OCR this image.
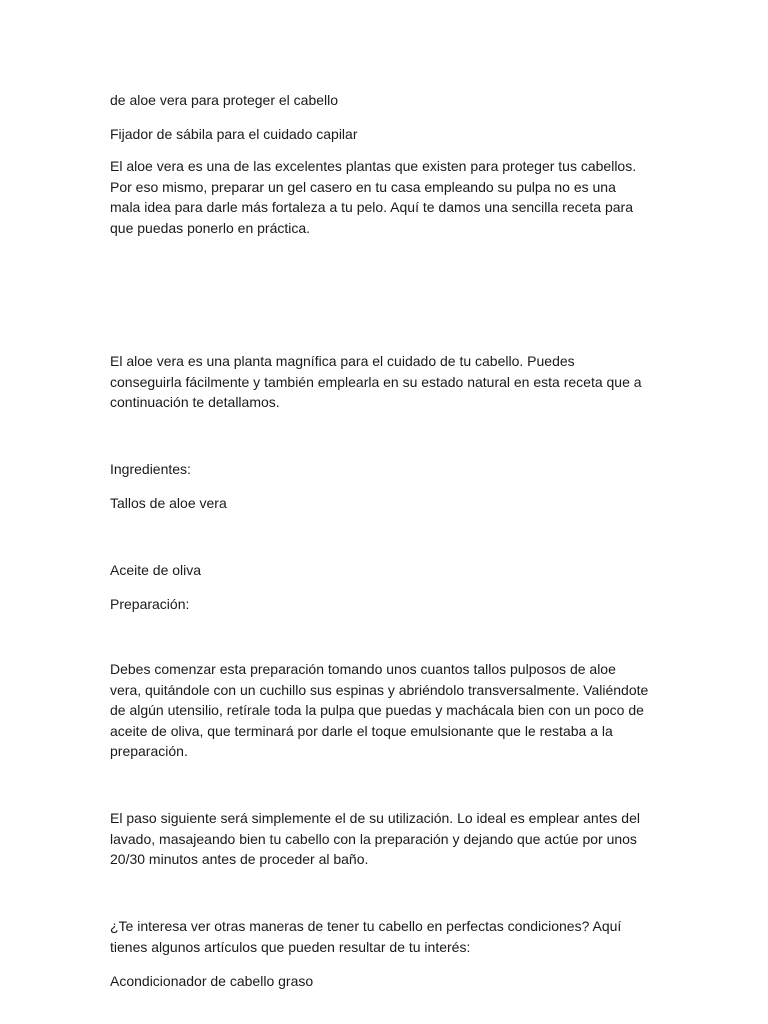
de aloe vera para proteger el cabello

Fijador de sábila para el cuidado capilar

El aloe vera es una de las excelentes plantas que existen para proteger tus cabellos. Por eso mismo, preparar un gel casero en tu casa empleando su pulpa no es una mala idea para darle más fortaleza a tu pelo. Aquí te damos una sencilla receta para que puedas ponerlo en práctica.

El aloe vera es una planta magnífica para el cuidado de tu cabello. Puedes conseguirla fácilmente y también emplearla en su estado natural en esta receta que a continuación te detallamos.

Ingredientes:

Tallos de aloe vera

Aceite de oliva

Preparación:

Debes comenzar esta preparación tomando unos cuantos tallos pulposos de aloe vera, quitándole con un cuchillo sus espinas y abriéndolo transversalmente. Valiéndote de algún utensilio, retírale toda la pulpa que puedas y machácala bien con un poco de aceite de oliva, que terminará por darle el toque emulsionante que le restaba a la preparación.

El paso siguiente será simplemente el de su utilización. Lo ideal es emplear antes del lavado, masajeando bien tu cabello con la preparación y dejando que actúe por unos 20/30 minutos antes de proceder al baño.

¿Te interesa ver otras maneras de tener tu cabello en perfectas condiciones? Aquí tienes algunos artículos que pueden resultar de tu interés:

Acondicionador de cabello graso
